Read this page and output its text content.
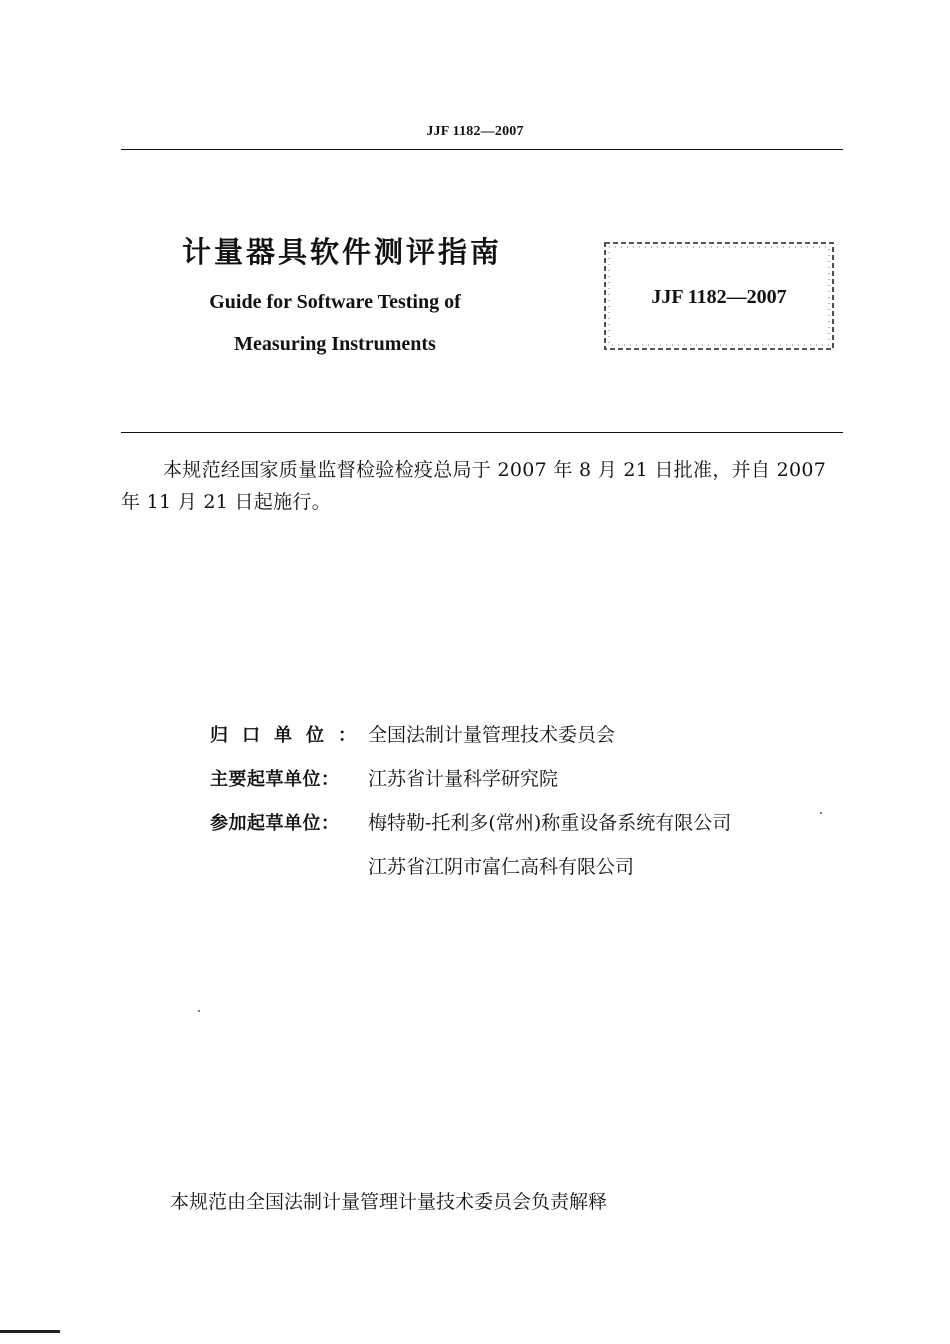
JJF 1182—2007
计量器具软件测评指南
Guide for Software Testing of
Measuring Instruments
JJF 1182—2007
本规范经国家质量监督检验检疫总局于 2007 年 8 月 21 日批准，并自 2007 年 11 月 21 日起施行。
归口单位：全国法制计量管理技术委员会
主要起草单位： 江苏省计量科学研究院
参加起草单位： 梅特勒-托利多(常州)称重设备系统有限公司
江苏省江阴市富仁高科有限公司
本规范由全国法制计量管理计量技术委员会负责解释
